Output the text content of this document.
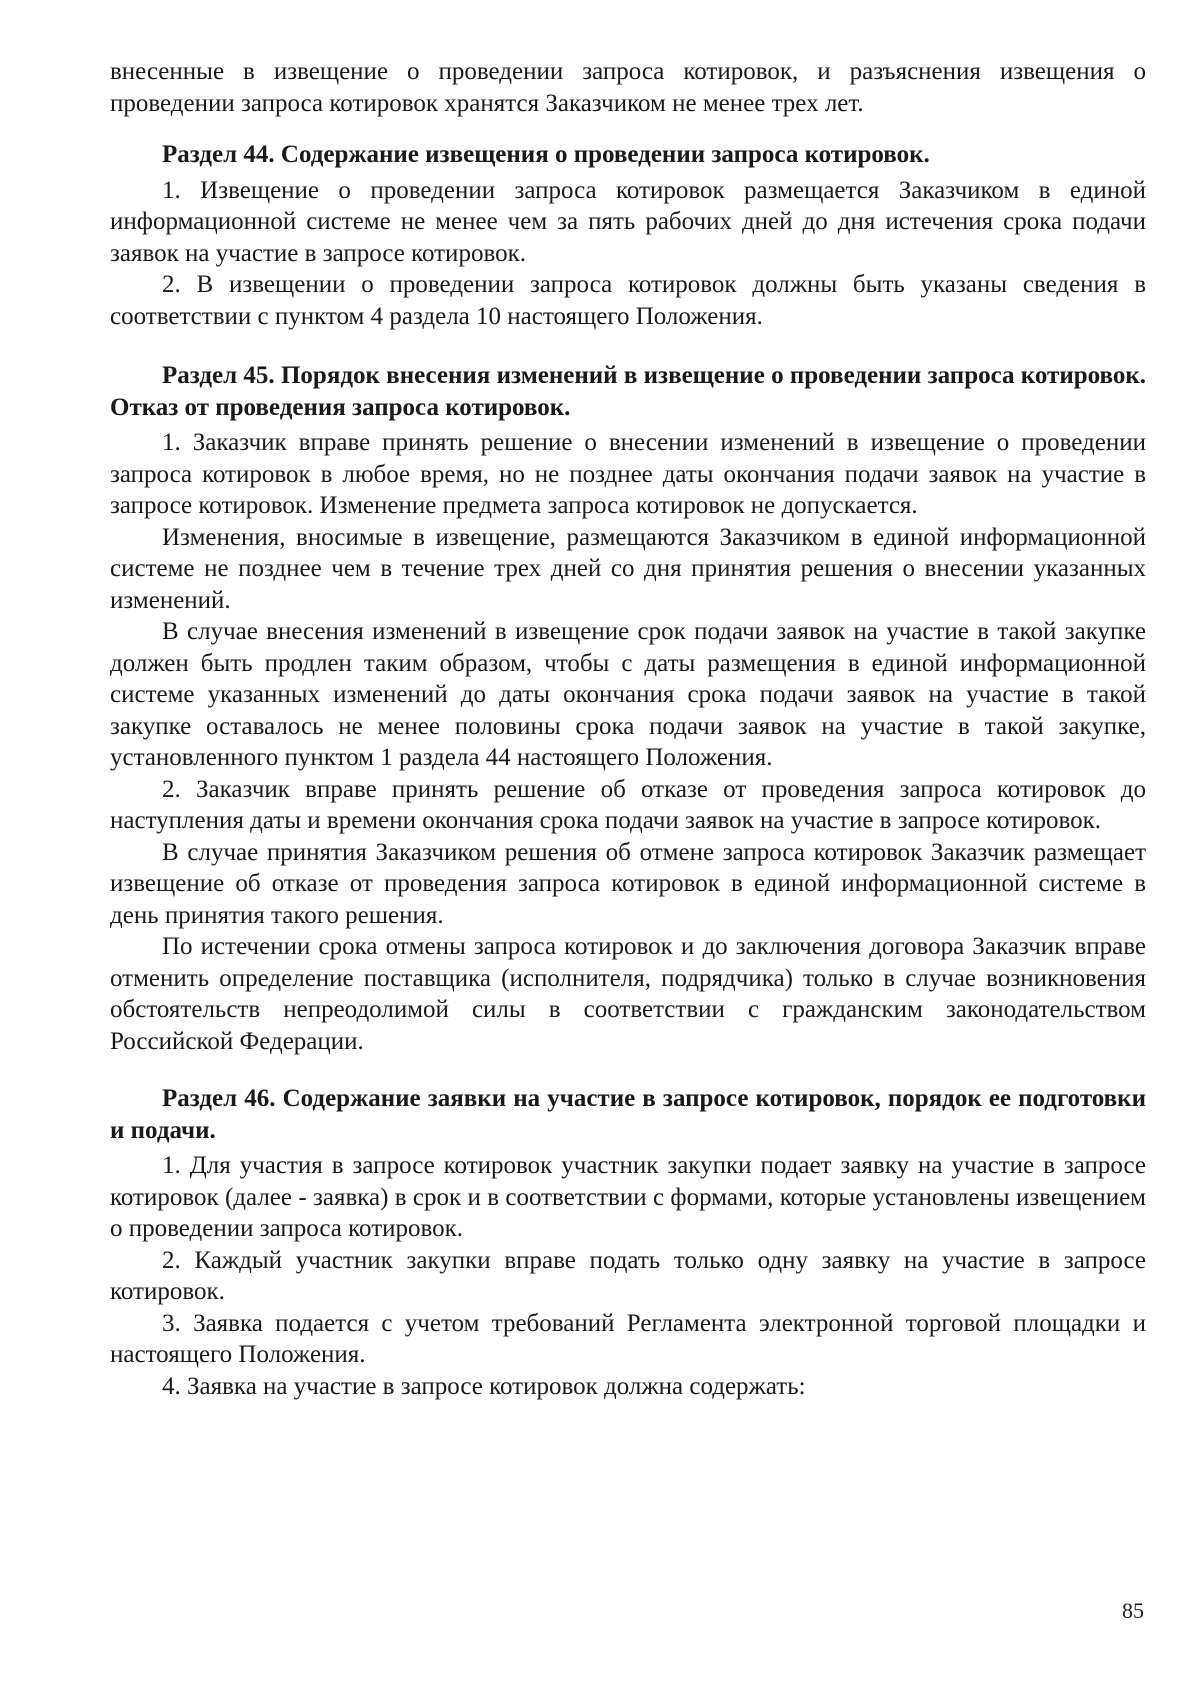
внесенные в извещение о проведении запроса котировок, и разъяснения извещения о проведении запроса котировок хранятся Заказчиком не менее трех лет.

Раздел 44. Содержание извещения о проведении запроса котировок.

1. Извещение о проведении запроса котировок размещается Заказчиком в единой информационной системе не менее чем за пять рабочих дней до дня истечения срока подачи заявок на участие в запросе котировок.

2. В извещении о проведении запроса котировок должны быть указаны сведения в соответствии с пунктом 4 раздела 10 настоящего Положения.

Раздел 45. Порядок внесения изменений в извещение о проведении запроса котировок. Отказ от проведения запроса котировок.

1. Заказчик вправе принять решение о внесении изменений в извещение о проведении запроса котировок в любое время, но не позднее даты окончания подачи заявок на участие в запросе котировок. Изменение предмета запроса котировок не допускается.

Изменения, вносимые в извещение, размещаются Заказчиком в единой информационной системе не позднее чем в течение трех дней со дня принятия решения о внесении указанных изменений.

В случае внесения изменений в извещение срок подачи заявок на участие в такой закупке должен быть продлен таким образом, чтобы с даты размещения в единой информационной системе указанных изменений до даты окончания срока подачи заявок на участие в такой закупке оставалось не менее половины срока подачи заявок на участие в такой закупке, установленного пунктом 1 раздела 44 настоящего Положения.

2. Заказчик вправе принять решение об отказе от проведения запроса котировок до наступления даты и времени окончания срока подачи заявок на участие в запросе котировок.

В случае принятия Заказчиком решения об отмене запроса котировок Заказчик размещает извещение об отказе от проведения запроса котировок в единой информационной системе в день принятия такого решения.

По истечении срока отмены запроса котировок и до заключения договора Заказчик вправе отменить определение поставщика (исполнителя, подрядчика) только в случае возникновения обстоятельств непреодолимой силы в соответствии с гражданским законодательством Российской Федерации.

Раздел 46. Содержание заявки на участие в запросе котировок, порядок ее подготовки и подачи.

1. Для участия в запросе котировок участник закупки подает заявку на участие в запросе котировок (далее - заявка) в срок и в соответствии с формами, которые установлены извещением о проведении запроса котировок.

2. Каждый участник закупки вправе подать только одну заявку на участие в запросе котировок.

3. Заявка подается с учетом требований Регламента электронной торговой площадки и настоящего Положения.

4. Заявка на участие в запросе котировок должна содержать:

85
